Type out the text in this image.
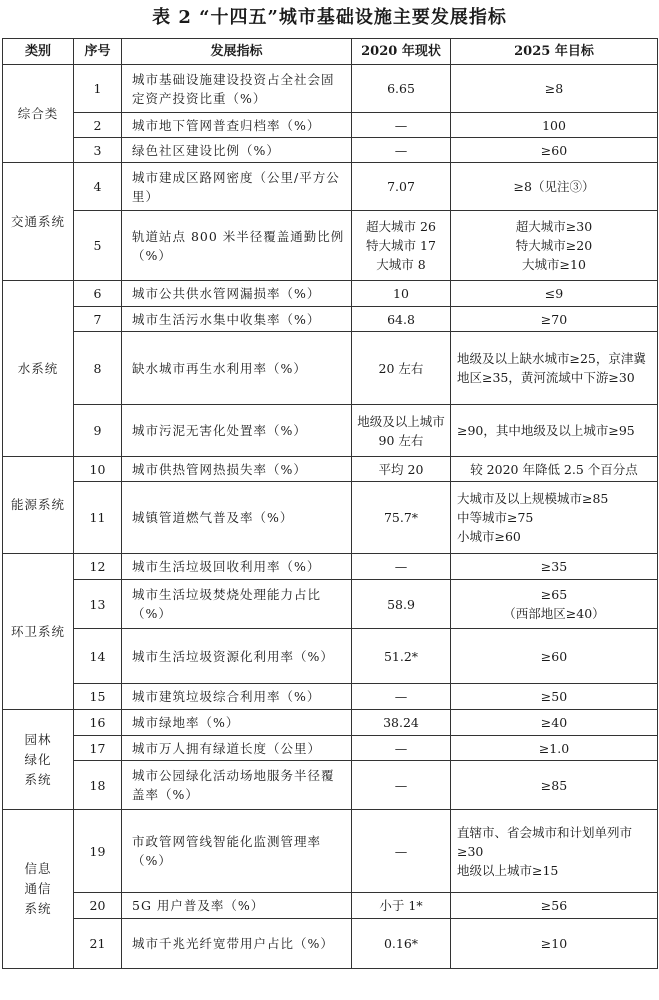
表 2 “十四五”城市基础设施主要发展指标
类别	序号	发展指标	2020 年现状	2025 年目标
综合类	1	城市基础设施建设投资占全社会固定资产投资比重（%）	6.65	≥8
	2	城市地下管网普查归档率（%）	—	100
	3	绿色社区建设比例（%）	—	≥60
交通系统	4	城市建成区路网密度（公里/平方公里）	7.07	≥8（见注③）
	5	轨道站点 800 米半径覆盖通勤比例（%）	超大城市 26
特大城市 17
大城市 8	超大城市≥30
特大城市≥20
大城市≥10

水系统	6	城市公共供水管网漏损率（%）	10	≤9
	7	城市生活污水集中收集率（%）	64.8	≥70
	8	缺水城市再生水利用率（%）	20 左右	地级及以上缺水城市≥25，京津冀地区≥35，黄河流域中下游≥30
	9	城市污泥无害化处置率（%）	地级及以上城市 90 左右	≥90，其中地级及以上城市≥95
能源系统	10	城市供热管网热损失率（%）	平均 20	较 2020 年降低 2.5 个百分点
	11	城镇管道燃气普及率（%）	75.7*	大城市及以上规模城市≥85
中等城市≥75
小城市≥60

环卫系统	12	城市生活垃圾回收利用率（%）	—	≥35
	13	城市生活垃圾焚烧处理能力占比（%）	58.9	≥65
（西部地区≥40）

	14	城市生活垃圾资源化利用率（%）	51.2*	≥60
	15	城市建筑垃圾综合利用率（%）	—	≥50
园林绿化系统	16	城市绿地率（%）	38.24	≥40
	17	城市万人拥有绿道长度（公里）	—	≥1.0
	18	城市公园绿化活动场地服务半径覆盖率（%）	—	≥85
信息通信系统	19	市政管网管线智能化监测管理率（%）	—	直辖市、省会城市和计划单列市≥30
地级以上城市≥15

	20	5G 用户普及率（%）	小于 1*	≥56
	21	城市千兆光纤宽带用户占比（%）	0.16*	≥10
